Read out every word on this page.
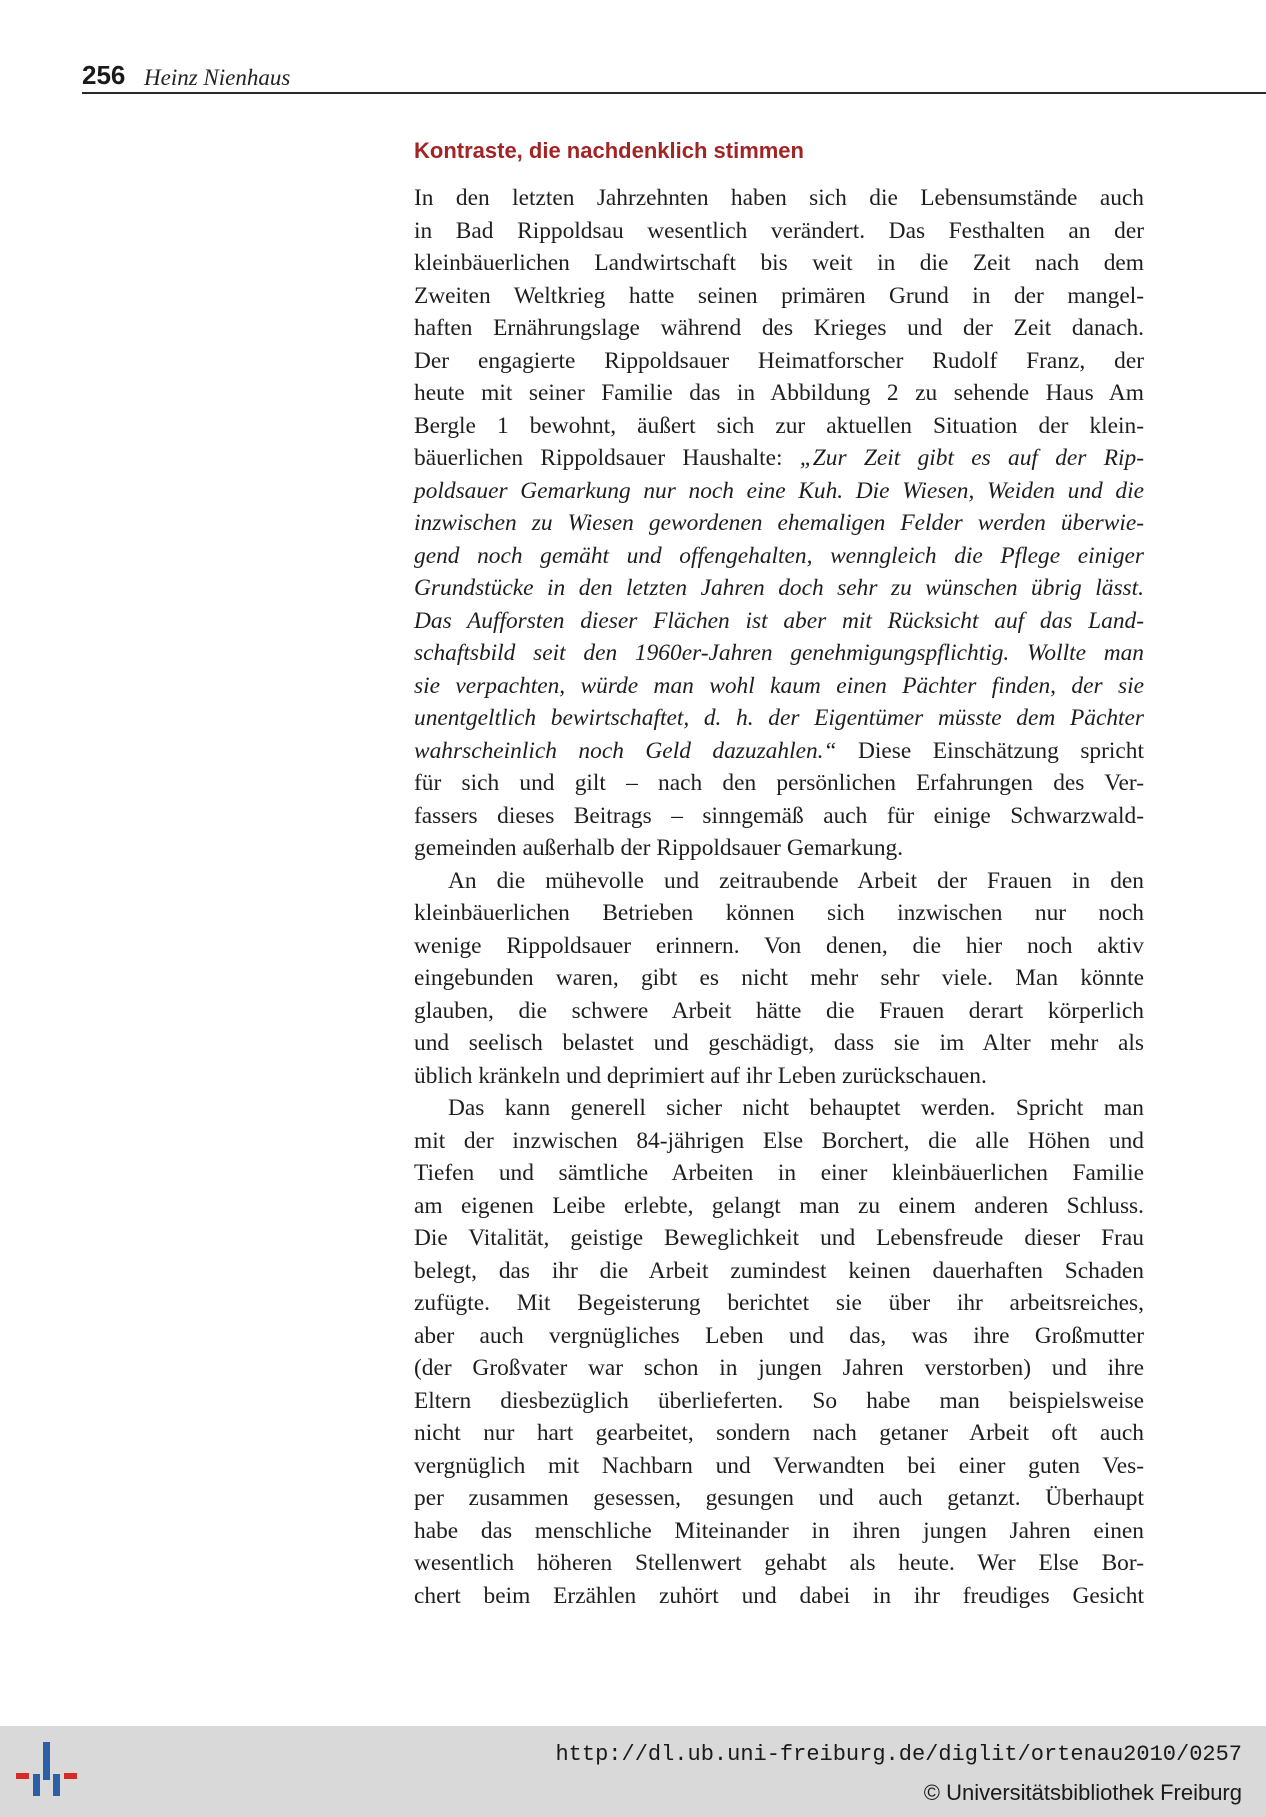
256 Heinz Nienhaus
Kontraste, die nachdenklich stimmen
In den letzten Jahrzehnten haben sich die Lebensumstände auch
in Bad Rippoldsau wesentlich verändert. Das Festhalten an der
kleinbäuerlichen Landwirtschaft bis weit in die Zeit nach dem
Zweiten Weltkrieg hatte seinen primären Grund in der mangel-
haften Ernährungslage während des Krieges und der Zeit danach.
Der engagierte Rippoldsauer Heimatforscher Rudolf Franz, der
heute mit seiner Familie das in Abbildung 2 zu sehende Haus Am
Bergle 1 bewohnt, äußert sich zur aktuellen Situation der klein-
bäuerlichen Rippoldsauer Haushalte: „Zur Zeit gibt es auf der Rip-
poldsauer Gemarkung nur noch eine Kuh. Die Wiesen, Weiden und die
inzwischen zu Wiesen gewordenen ehemaligen Felder werden überwie-
gend noch gemäht und offengehalten, wenngleich die Pflege einiger
Grundstücke in den letzten Jahren doch sehr zu wünschen übrig lässt.
Das Aufforsten dieser Flächen ist aber mit Rücksicht auf das Land-
schaftsbild seit den 1960er-Jahren genehmigungspflichtig. Wollte man
sie verpachten, würde man wohl kaum einen Pächter finden, der sie
unentgeltlich bewirtschaftet, d. h. der Eigentümer müsste dem Pächter
wahrscheinlich noch Geld dazuzahlen.“ Diese Einschätzung spricht
für sich und gilt – nach den persönlichen Erfahrungen des Ver-
fassers dieses Beitrags – sinngemäß auch für einige Schwarzwald-
gemeinden außerhalb der Rippoldsauer Gemarkung.
An die mühevolle und zeitraubende Arbeit der Frauen in den
kleinbäuerlichen Betrieben können sich inzwischen nur noch
wenige Rippoldsauer erinnern. Von denen, die hier noch aktiv
eingebunden waren, gibt es nicht mehr sehr viele. Man könnte
glauben, die schwere Arbeit hätte die Frauen derart körperlich
und seelisch belastet und geschädigt, dass sie im Alter mehr als
üblich kränkeln und deprimiert auf ihr Leben zurückschauen.
Das kann generell sicher nicht behauptet werden. Spricht man
mit der inzwischen 84-jährigen Else Borchert, die alle Höhen und
Tiefen und sämtliche Arbeiten in einer kleinbäuerlichen Familie
am eigenen Leibe erlebte, gelangt man zu einem anderen Schluss.
Die Vitalität, geistige Beweglichkeit und Lebensfreude dieser Frau
belegt, das ihr die Arbeit zumindest keinen dauerhaften Schaden
zufügte. Mit Begeisterung berichtet sie über ihr arbeitsreiches,
aber auch vergnügliches Leben und das, was ihre Großmutter
(der Großvater war schon in jungen Jahren verstorben) und ihre
Eltern diesbezüglich überlieferten. So habe man beispielsweise
nicht nur hart gearbeitet, sondern nach getaner Arbeit oft auch
vergnüglich mit Nachbarn und Verwandten bei einer guten Ves-
per zusammen gesessen, gesungen und auch getanzt. Überhaupt
habe das menschliche Miteinander in ihren jungen Jahren einen
wesentlich höheren Stellenwert gehabt als heute. Wer Else Bor-
chert beim Erzählen zuhört und dabei in ihr freudiges Gesicht
http://dl.ub.uni-freiburg.de/diglit/ortenau2010/0257
© Universitätsbibliothek Freiburg
